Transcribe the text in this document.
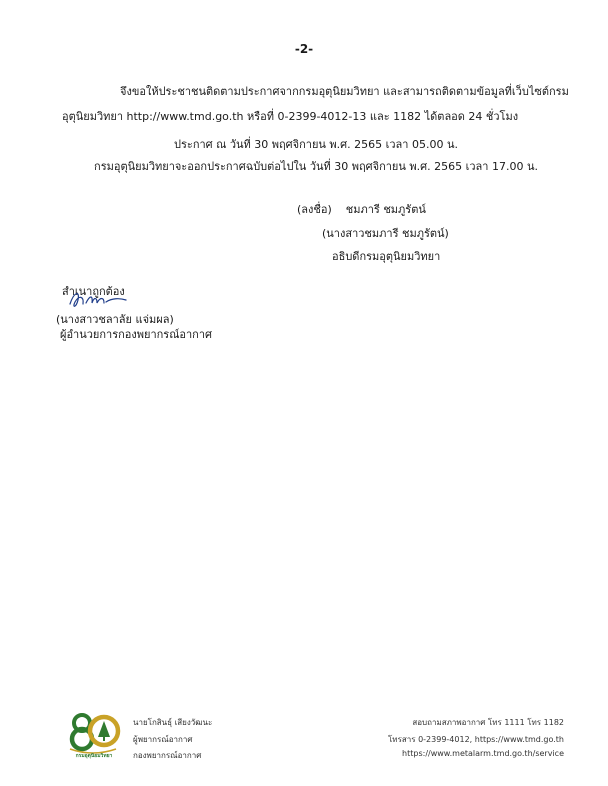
-2-
จึงขอให้ประชาชนติดตามประกาศจากกรมอุตุนิยมวิทยา และสามารถติดตามข้อมูลที่เว็บไซต์กรม
อุตุนิยมวิทยา http://www.tmd.go.th หรือที่ 0-2399-4012-13 และ 1182 ได้ตลอด 24 ชั่วโมง
ประกาศ ณ วันที่ 30 พฤศจิกายน พ.ศ. 2565 เวลา 05.00 น.
กรมอุตุนิยมวิทยาจะออกประกาศฉบับต่อไปใน วันที่ 30 พฤศจิกายน พ.ศ. 2565 เวลา 17.00 น.
(ลงชื่อ) ชมภารี ชมภูรัตน์
(นางสาวชมภารี ชมภูรัตน์)
อธิบดีกรมอุตุนิยมวิทยา
สำเนาถูกต้อง
(นางสาวชลาลัย แจ่มผล)
ผู้อำนวยการกองพยากรณ์อากาศ
กรมอุตุนิยมวิทยา
นายโกสินธุ์ เสียงวัฒนะ
ผู้พยากรณ์อากาศ
กองพยากรณ์อากาศ
สอบถามสภาพอากาศ โทร 1111 โทร 1182
โทรสาร 0-2399-4012, https://www.tmd.go.th
https://www.metalarm.tmd.go.th/service
